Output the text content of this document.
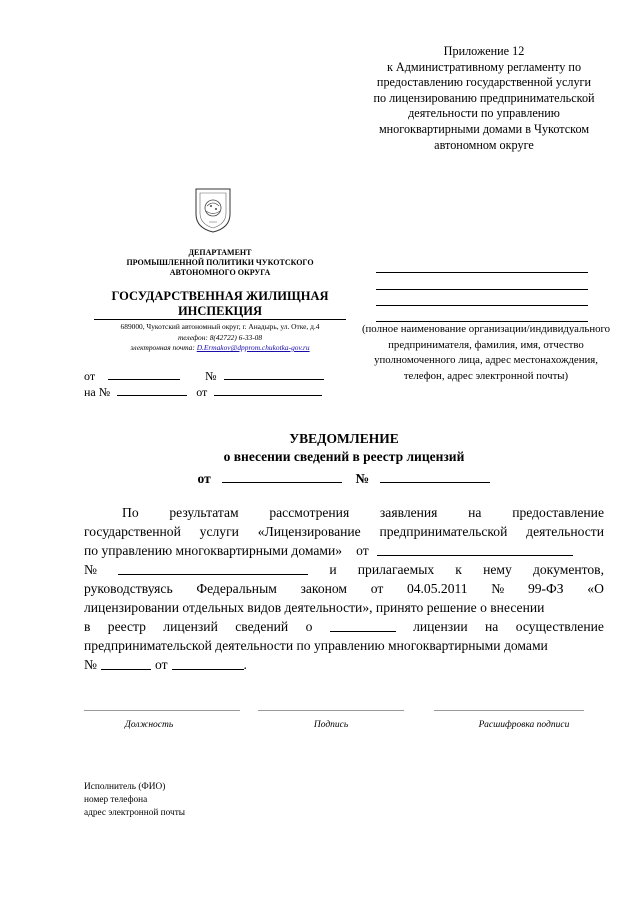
Приложение 12
к Административному регламенту по
предоставлению государственной услуги
по лицензированию предпринимательской
деятельности по управлению
многоквартирными домами в Чукотском
автономном округе
ДЕПАРТАМЕНТ
ПРОМЫШЛЕННОЙ ПОЛИТИКИ ЧУКОТСКОГО
АВТОНОМНОГО ОКРУГА
ГОСУДАРСТВЕННАЯ ЖИЛИЩНАЯ
ИНСПЕКЦИЯ
689000, Чукотский автономный округ, г. Анадырь, ул. Отке, д.4
телефон: 8(42722) 6-33-08
электронная почта: D.Ermakov@dpprom.chukotka-gov.ru
от	№
на №	от
(полное наименование организации/индивидуального
предпринимателя, фамилия, имя, отчество
уполномоченного лица, адрес местонахождения,
телефон, адрес электронной почты)
УВЕДОМЛЕНИЕ
о внесении сведений в реестр лицензий
от	№
По результатам рассмотрения заявления на предоставление
государственной услуги «Лицензирование предпринимательской деятельности
по управлению многоквартирными домами» от
№	и прилагаемых к нему документов,
руководствуясь Федеральным законом от 04.05.2011 № 99-ФЗ «О
лицензировании отдельных видов деятельности», принято решение о внесении
в реестр лицензий сведений о	лицензии на осуществление
предпринимательской деятельности по управлению многоквартирными домами
№	от	.
Должность	Подпись	Расшифровка подписи
Исполнитель (ФИО)
номер телефона
адрес электронной почты
